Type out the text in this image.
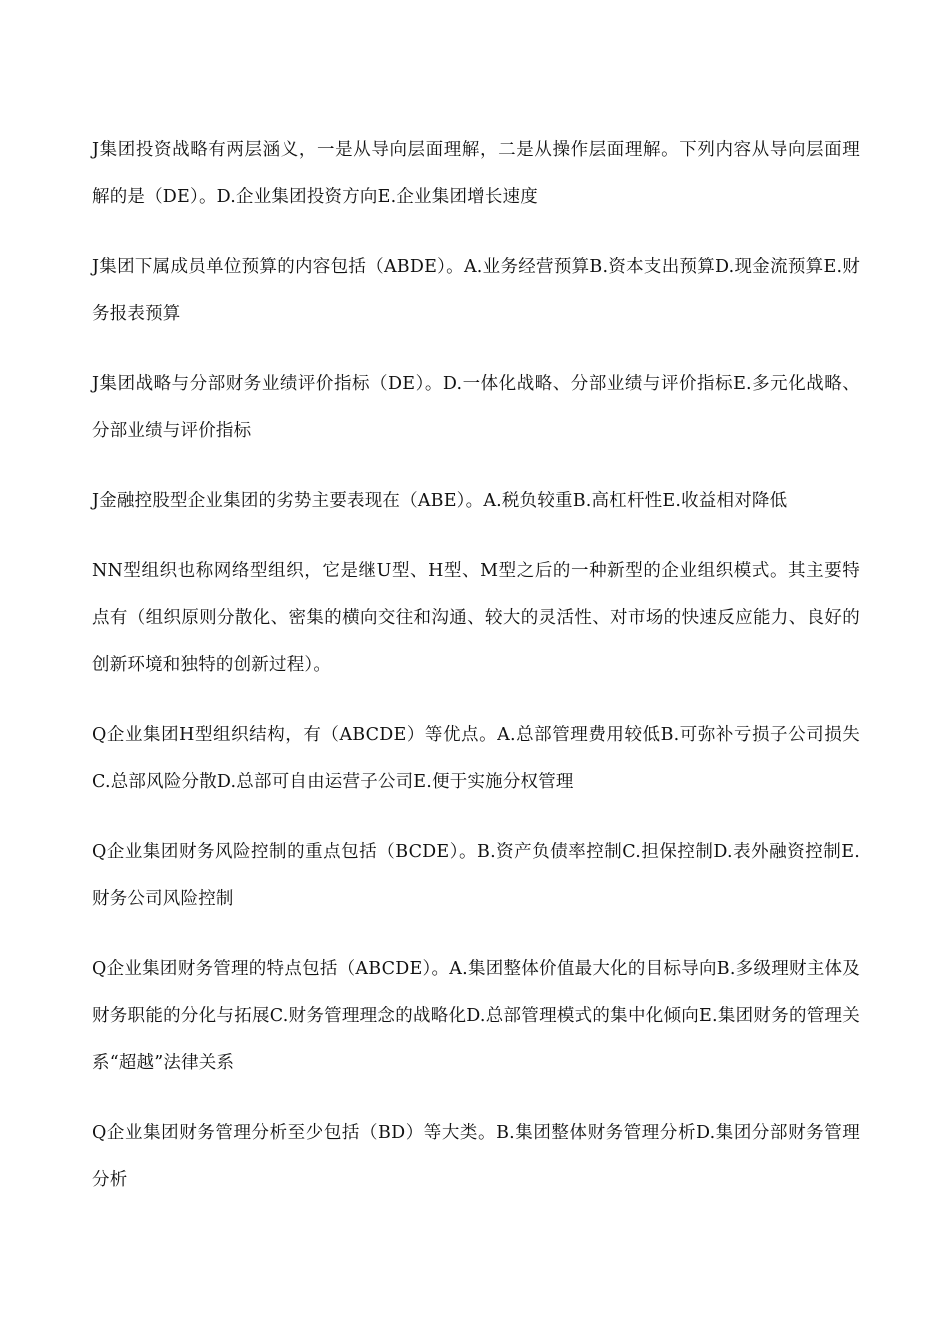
J集团投资战略有两层涵义，一是从导向层面理解，二是从操作层面理解。下列内容从导向层面理解的是（DE）。D.企业集团投资方向E.企业集团增长速度

J集团下属成员单位预算的内容包括（ABDE）。A.业务经营预算B.资本支出预算D.现金流预算E.财务报表预算

J集团战略与分部财务业绩评价指标（DE）。D.一体化战略、分部业绩与评价指标E.多元化战略、分部业绩与评价指标

J金融控股型企业集团的劣势主要表现在（ABE）。A.税负较重B.高杠杆性E.收益相对降低

NN型组织也称网络型组织，它是继U型、H型、M型之后的一种新型的企业组织模式。其主要特点有（组织原则分散化、密集的横向交往和沟通、较大的灵活性、对市场的快速反应能力、良好的创新环境和独特的创新过程）。

Q企业集团H型组织结构，有（ABCDE）等优点。A.总部管理费用较低B.可弥补亏损子公司损失C.总部风险分散D.总部可自由运营子公司E.便于实施分权管理

Q企业集团财务风险控制的重点包括（BCDE）。B.资产负债率控制C.担保控制D.表外融资控制E.财务公司风险控制

Q企业集团财务管理的特点包括（ABCDE）。A.集团整体价值最大化的目标导向B.多级理财主体及财务职能的分化与拓展C.财务管理理念的战略化D.总部管理模式的集中化倾向E.集团财务的管理关系“超越”法律关系

Q企业集团财务管理分析至少包括（BD）等大类。B.集团整体财务管理分析D.集团分部财务管理分析
